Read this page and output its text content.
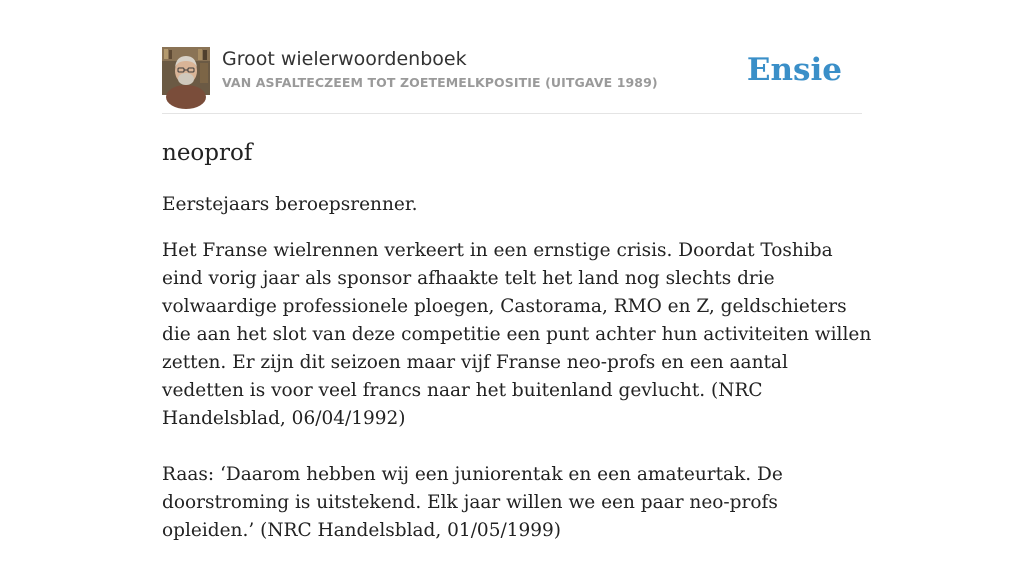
Groot wielerwoordenboek
VAN ASFALTECZEEM TOT ZOETEMELKPOSITIE (UITGAVE 1989)	Ensie
neoprof

Eerstejaars beroepsrenner.

Het Franse wielrennen verkeert in een ernstige crisis. Doordat Toshiba eind vorig jaar als sponsor afhaakte telt het land nog slechts drie volwaardige professionele ploegen, Castorama, RMO en Z, geldschieters die aan het slot van deze competitie een punt achter hun activiteiten willen zetten. Er zijn dit seizoen maar vijf Franse neo-profs en een aantal vedetten is voor veel francs naar het buitenland gevlucht. (NRC Handelsblad, 06/04/1992)

Raas: ‘Daarom hebben wij een juniorentak en een amateurtak. De doorstroming is uitstekend. Elk jaar willen we een paar neo-profs opleiden.’ (NRC Handelsblad, 01/05/1999)
